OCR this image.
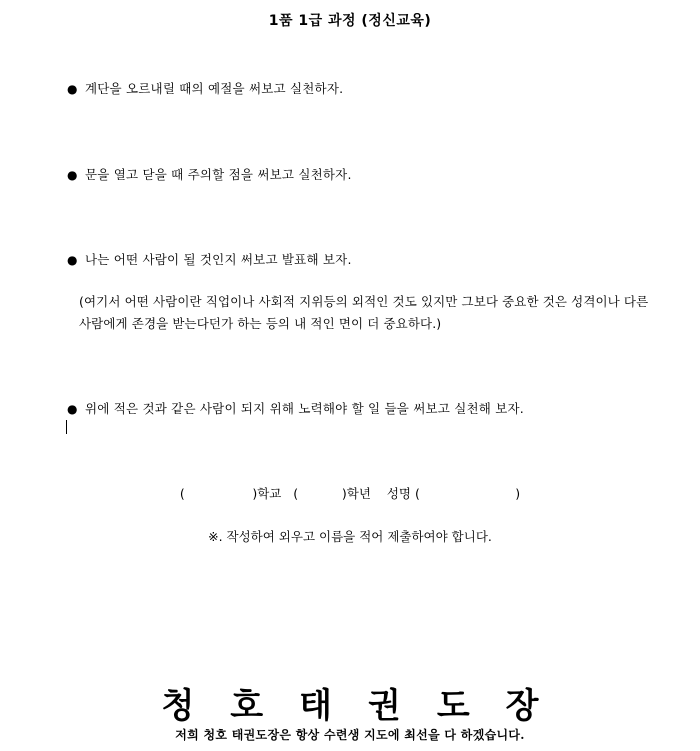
1품 1급 과정 (정신교육)
● 계단을 오르내릴 때의 예절을 써보고 실천하자.
● 문을 열고 닫을 때 주의할 점을 써보고 실천하자.
● 나는 어떤 사람이 될 것인지 써보고 발표해 보자.
(여기서 어떤 사람이란 직업이나 사회적 지위등의 외적인 것도 있지만 그보다 중요한 것은 성격이나 다른 사람에게 존경을 받는다던가 하는 등의 내 적인 면이 더 중요하다.)
● 위에 적은 것과 같은 사람이 되지 위해 노력해야 할 일 들을 써보고 실천해 보자.
(                 )학교 (           )학년 성명 (                        )
※. 작성하여 외우고 이름을 적어 제출하여야 합니다.
청호태권도장
저희 청호 태권도장은 항상 수련생 지도에 최선을 다 하겠습니다.
